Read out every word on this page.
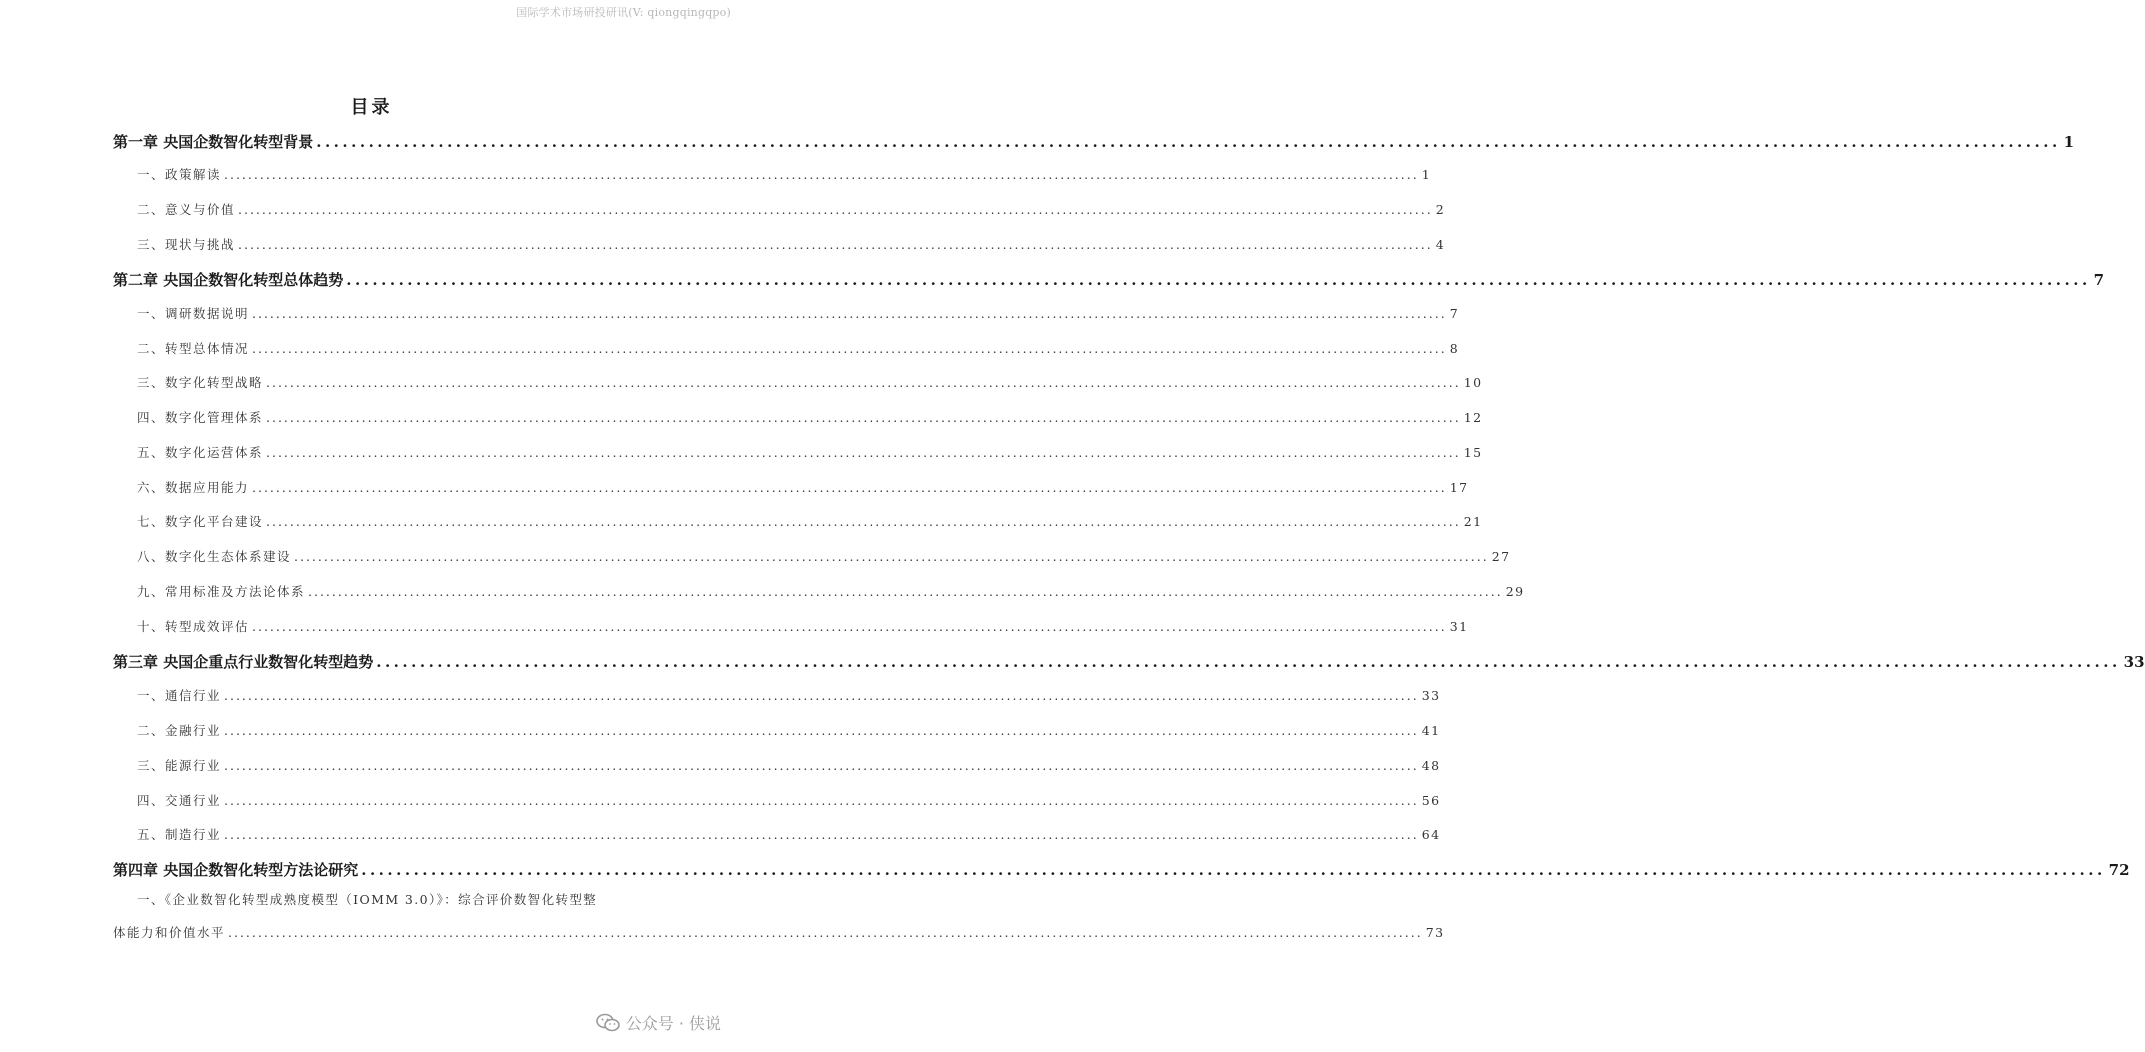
国际学术市场研投研讯(V: qiongqingqpo)
目录
第一章 央国企数智化转型背景 ........................................................................................................................................................................................................ 1
一、政策解读 ........................................................................................................................................................................................................ 1
二、意义与价值 ........................................................................................................................................................................................................ 2
三、现状与挑战 ........................................................................................................................................................................................................ 4
第二章 央国企数智化转型总体趋势 ........................................................................................................................................................................................................ 7
一、调研数据说明 ........................................................................................................................................................................................................ 7
二、转型总体情况 ........................................................................................................................................................................................................ 8
三、数字化转型战略 ........................................................................................................................................................................................................ 10
四、数字化管理体系 ........................................................................................................................................................................................................ 12
五、数字化运营体系 ........................................................................................................................................................................................................ 15
六、数据应用能力 ........................................................................................................................................................................................................ 17
七、数字化平台建设 ........................................................................................................................................................................................................ 21
八、数字化生态体系建设 ........................................................................................................................................................................................................ 27
九、常用标准及方法论体系 ........................................................................................................................................................................................................ 29
十、转型成效评估 ........................................................................................................................................................................................................ 31
第三章 央国企重点行业数智化转型趋势 ........................................................................................................................................................................................................ 33
一、通信行业 ........................................................................................................................................................................................................ 33
二、金融行业 ........................................................................................................................................................................................................ 41
三、能源行业 ........................................................................................................................................................................................................ 48
四、交通行业 ........................................................................................................................................................................................................ 56
五、制造行业 ........................................................................................................................................................................................................ 64
第四章 央国企数智化转型方法论研究 ........................................................................................................................................................................................................ 72
一、《企业数智化转型成熟度模型（IOMM 3.0）》：综合评价数智化转型整
体能力和价值水平 ........................................................................................................................................................................................................ 73
公众号 · 侠说
